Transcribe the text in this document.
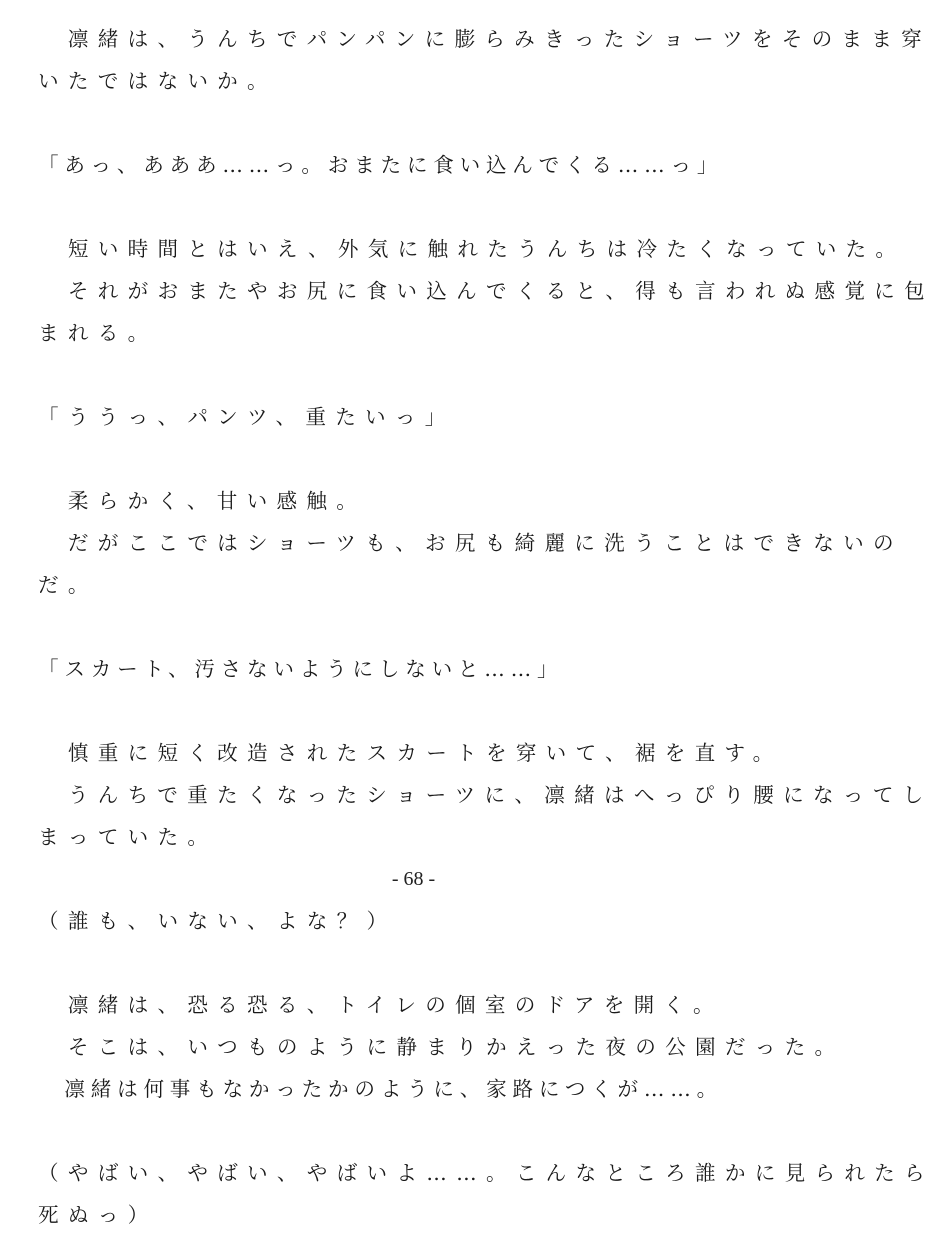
　凛緒は、うんちでパンパンに膨らみきったショーツをそのまま穿
いたではないか。
「あっ、あああ……っ。おまたに食い込んでくる……っ」
　短い時間とはいえ、外気に触れたうんちは冷たくなっていた。
　それがおまたやお尻に食い込んでくると、得も言われぬ感覚に包
まれる。
「ううっ、パンツ、重たいっ」
　柔らかく、甘い感触。
　だがここではショーツも、お尻も綺麗に洗うことはできないの
だ。
「スカート、汚さないようにしないと……」
　慎重に短く改造されたスカートを穿いて、裾を直す。
　うんちで重たくなったショーツに、凛緒はへっぴり腰になってし
まっていた。
（誰も、いない、よな？）
　凛緒は、恐る恐る、トイレの個室のドアを開く。
　そこは、いつものように静まりかえった夜の公園だった。
　凛緒は何事もなかったかのように、家路につくが……。
（やばい、やばい、やばいよ……。こんなところ誰かに見られたら
死ぬっ）
- 68 -
